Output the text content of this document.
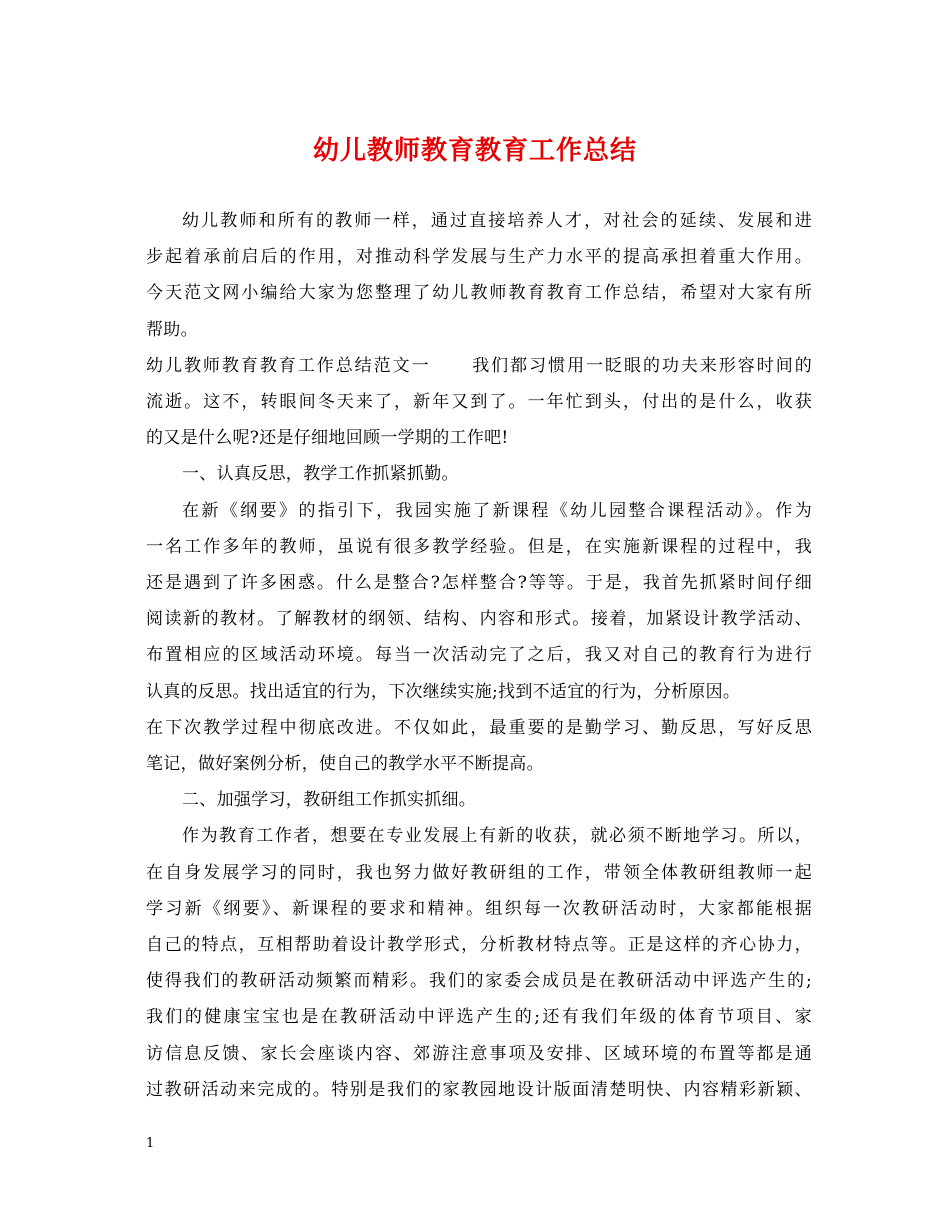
幼儿教师教育教育工作总结
幼儿教师和所有的教师一样，通过直接培养人才，对社会的延续、发展和进
步起着承前启后的作用，对推动科学发展与生产力水平的提高承担着重大作用。
今天范文网小编给大家为您整理了幼儿教师教育教育工作总结，希望对大家有所
帮助。
幼儿教师教育教育工作总结范文一 我们都习惯用一眨眼的功夫来形容时间的
流逝。这不，转眼间冬天来了，新年又到了。一年忙到头，付出的是什么，收获
的又是什么呢?还是仔细地回顾一学期的工作吧!
一、认真反思，教学工作抓紧抓勤。
在新《纲要》的指引下，我园实施了新课程《幼儿园整合课程活动》。作为
一名工作多年的教师，虽说有很多教学经验。但是，在实施新课程的过程中，我
还是遇到了许多困惑。什么是整合?怎样整合?等等。于是，我首先抓紧时间仔细
阅读新的教材。了解教材的纲领、结构、内容和形式。接着，加紧设计教学活动、
布置相应的区域活动环境。每当一次活动完了之后，我又对自己的教育行为进行
认真的反思。找出适宜的行为，下次继续实施;找到不适宜的行为，分析原因。
在下次教学过程中彻底改进。不仅如此，最重要的是勤学习、勤反思，写好反思
笔记，做好案例分析，使自己的教学水平不断提高。
二、加强学习，教研组工作抓实抓细。
作为教育工作者，想要在专业发展上有新的收获，就必须不断地学习。所以，
在自身发展学习的同时，我也努力做好教研组的工作，带领全体教研组教师一起
学习新《纲要》、新课程的要求和精神。组织每一次教研活动时，大家都能根据
自己的特点，互相帮助着设计教学形式，分析教材特点等。正是这样的齐心协力，
使得我们的教研活动频繁而精彩。我们的家委会成员是在教研活动中评选产生的;
我们的健康宝宝也是在教研活动中评选产生的;还有我们年级的体育节项目、家
访信息反馈、家长会座谈内容、郊游注意事项及安排、区域环境的布置等都是通
过教研活动来完成的。特别是我们的家教园地设计版面清楚明快、内容精彩新颖、
1
